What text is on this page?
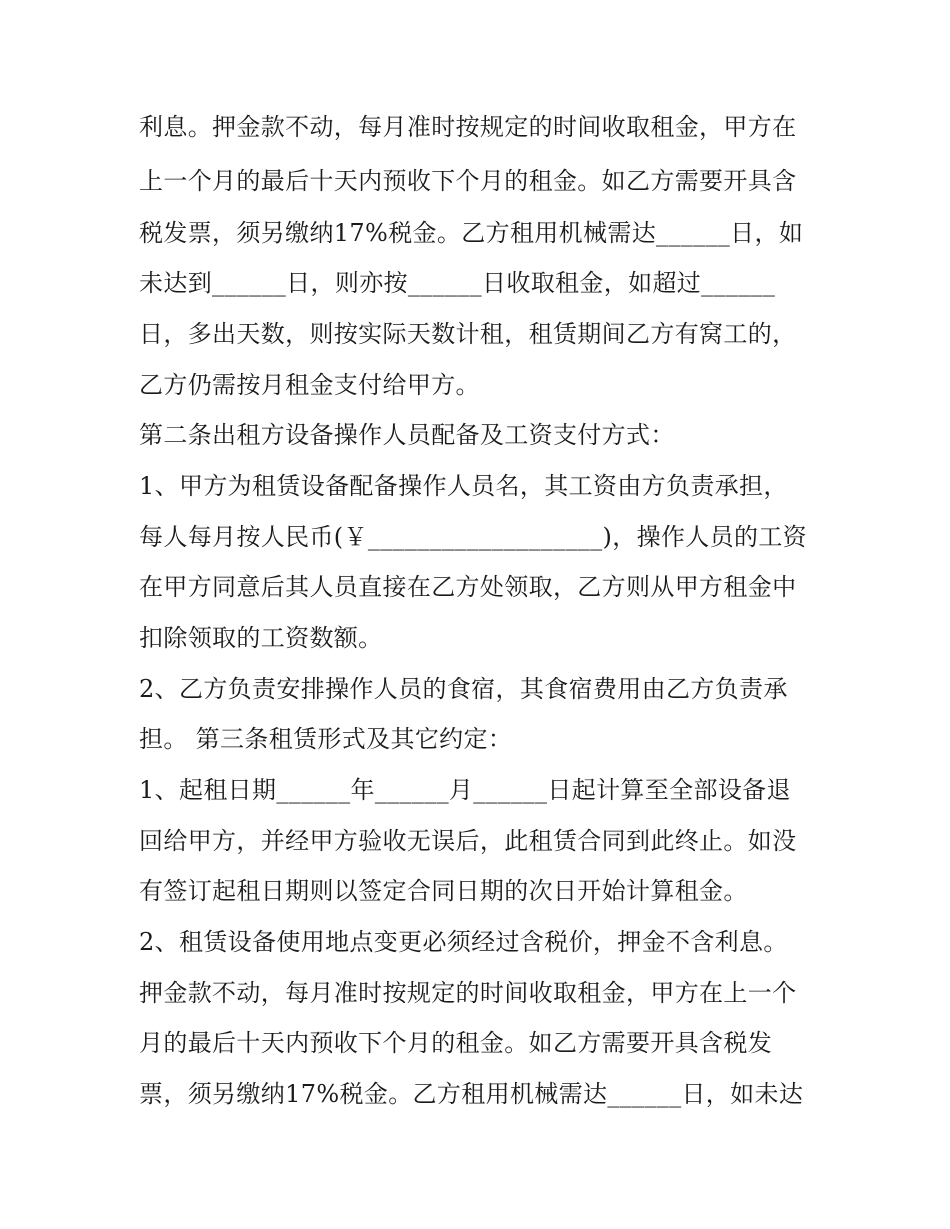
利息。押金款不动，每月准时按规定的时间收取租金，甲方在
上一个月的最后十天内预收下个月的租金。如乙方需要开具含
税发票，须另缴纳17%税金。乙方租用机械需达______日，如
未达到______日，则亦按______日收取租金，如超过______
日，多出天数，则按实际天数计租，租赁期间乙方有窝工的，
乙方仍需按月租金支付给甲方。
第二条出租方设备操作人员配备及工资支付方式：
1、甲方为租赁设备配备操作人员名，其工资由方负责承担，
每人每月按人民币(￥___________________)，操作人员的工资
在甲方同意后其人员直接在乙方处领取，乙方则从甲方租金中
扣除领取的工资数额。
2、乙方负责安排操作人员的食宿，其食宿费用由乙方负责承
担。 第三条租赁形式及其它约定：
1、起租日期______年______月______日起计算至全部设备退
回给甲方，并经甲方验收无误后，此租赁合同到此终止。如没
有签订起租日期则以签定合同日期的次日开始计算租金。
2、租赁设备使用地点变更必须经过含税价，押金不含利息。
押金款不动，每月准时按规定的时间收取租金，甲方在上一个
月的最后十天内预收下个月的租金。如乙方需要开具含税发
票，须另缴纳17%税金。乙方租用机械需达______日，如未达
